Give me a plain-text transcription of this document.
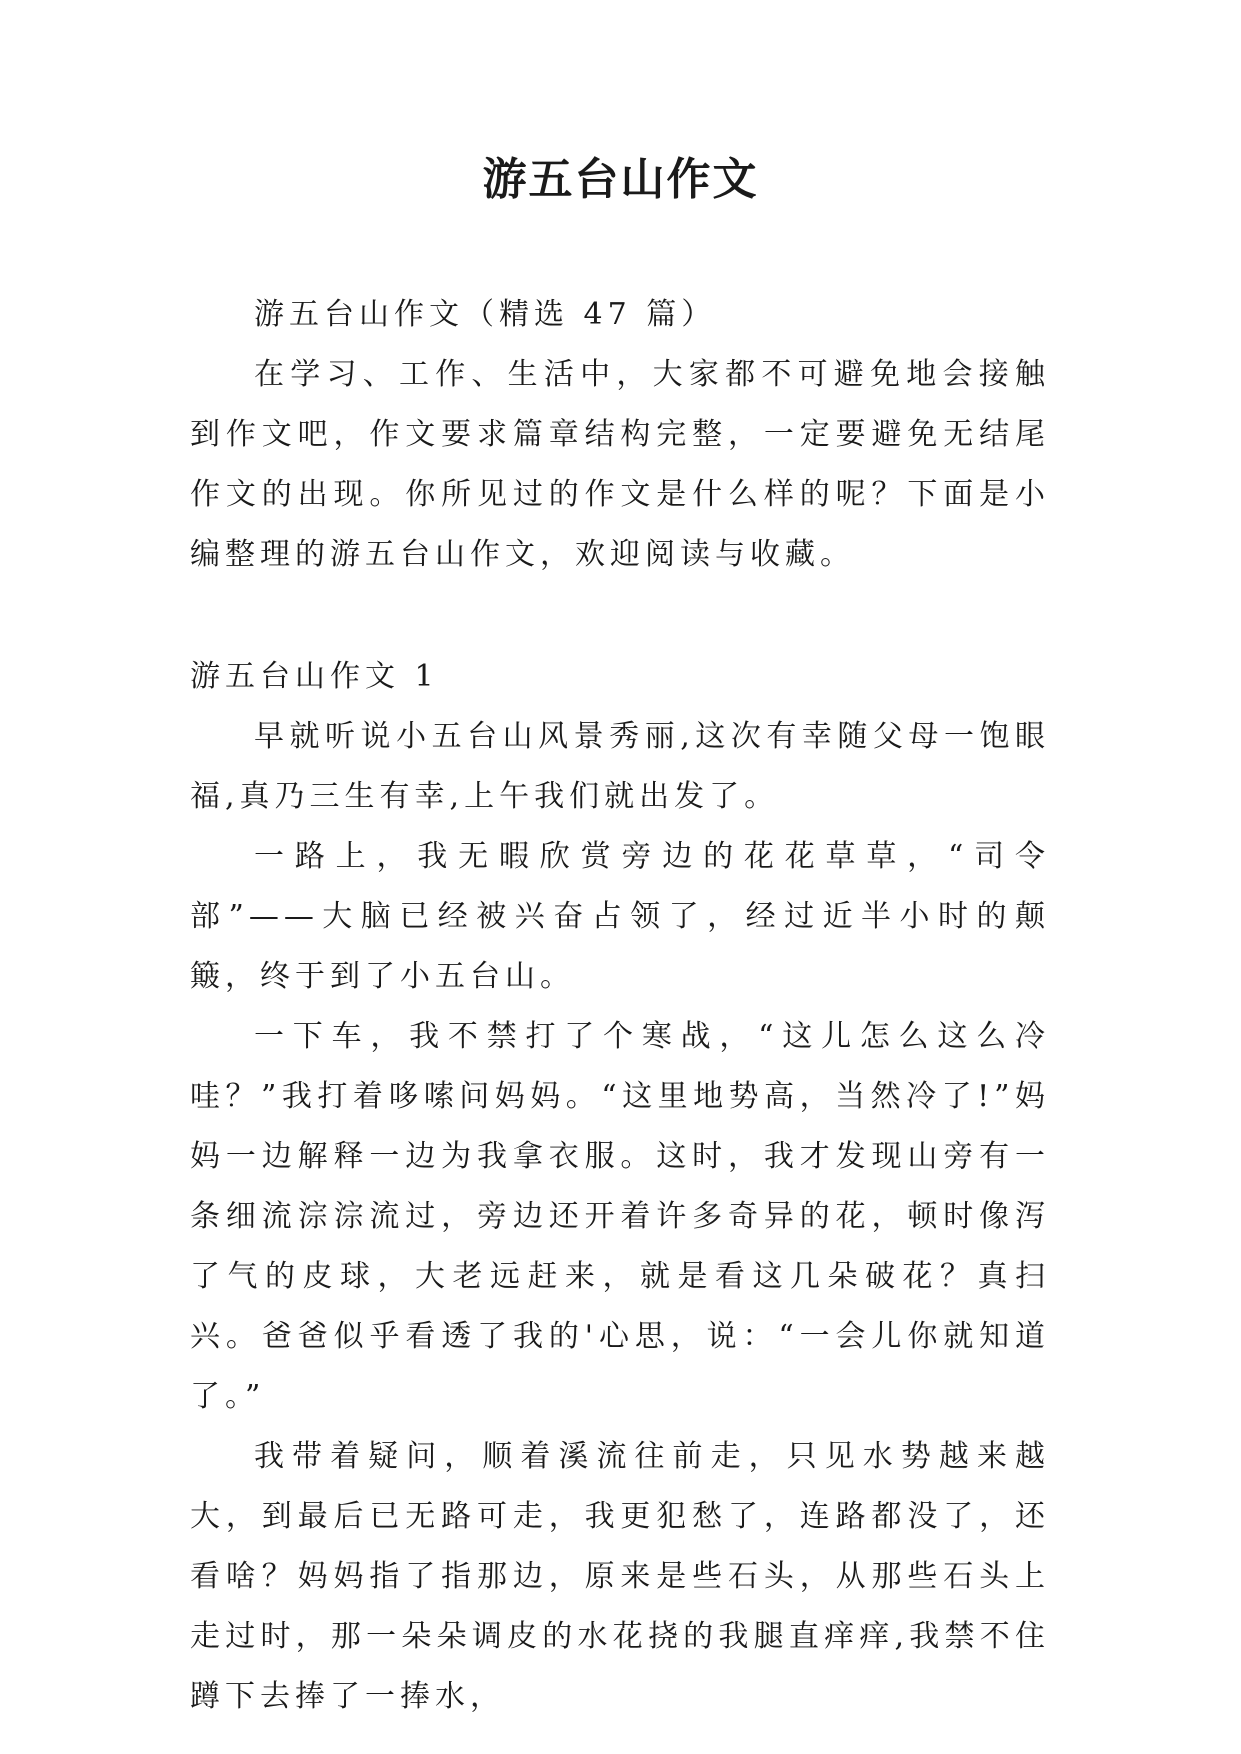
游五台山作文

游五台山作文（精选 47 篇）

在学习、工作、生活中，大家都不可避免地会接触到作文吧，作文要求篇章结构完整，一定要避免无结尾作文的出现。你所见过的作文是什么样的呢？下面是小编整理的游五台山作文，欢迎阅读与收藏。

游五台山作文 1

早就听说小五台山风景秀丽,这次有幸随父母一饱眼福,真乃三生有幸,上午我们就出发了。

一路上，我无暇欣赏旁边的花花草草，“司令部”——大脑已经被兴奋占领了，经过近半小时的颠簸，终于到了小五台山。

一下车，我不禁打了个寒战，“这儿怎么这么冷哇？”我打着哆嗦问妈妈。“这里地势高，当然冷了!”妈妈一边解释一边为我拿衣服。这时，我才发现山旁有一条细流淙淙流过，旁边还开着许多奇异的花，顿时像泻了气的皮球，大老远赶来，就是看这几朵破花？真扫兴。爸爸似乎看透了我的'心思，说：“一会儿你就知道了。”

我带着疑问，顺着溪流往前走，只见水势越来越大，到最后已无路可走，我更犯愁了，连路都没了，还看啥？妈妈指了指那边，原来是些石头，从那些石头上走过时，那一朵朵调皮的水花挠的我腿直痒痒,我禁不住蹲下去捧了一捧水，
